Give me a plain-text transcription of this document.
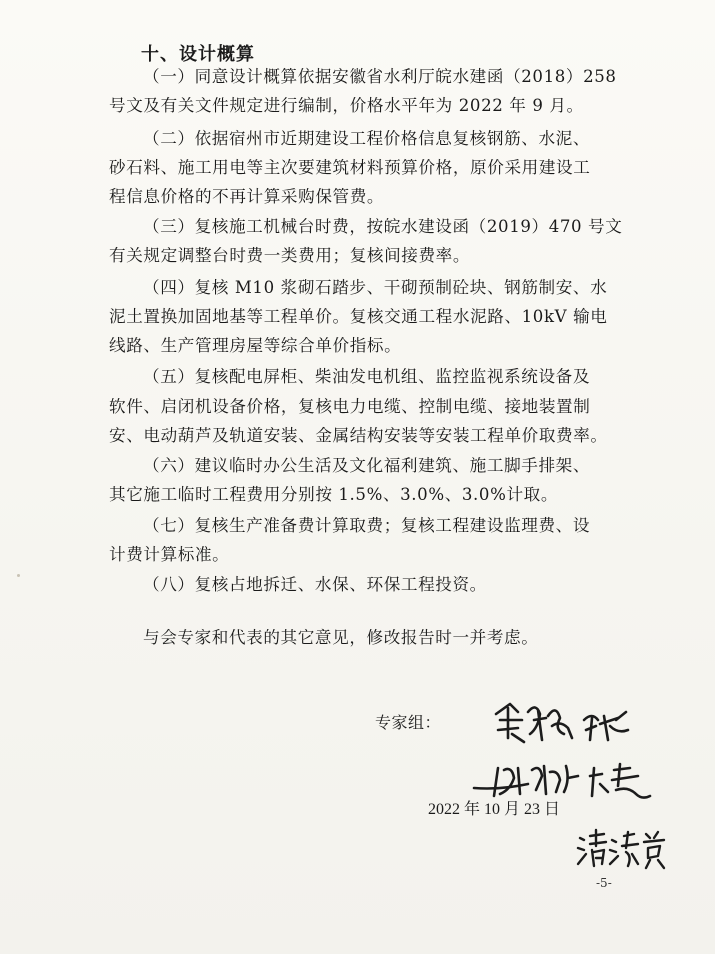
十、设计概算
（一）同意设计概算依据安徽省水利厅皖水建函（2018）258
号文及有关文件规定进行编制，价格水平年为 2022 年 9 月。
（二）依据宿州市近期建设工程价格信息复核钢筋、水泥、
砂石料、施工用电等主次要建筑材料预算价格，原价采用建设工
程信息价格的不再计算采购保管费。
（三）复核施工机械台时费，按皖水建设函（2019）470 号文
有关规定调整台时费一类费用；复核间接费率。
（四）复核 M10 浆砌石踏步、干砌预制砼块、钢筋制安、水
泥土置换加固地基等工程单价。复核交通工程水泥路、10kV 输电
线路、生产管理房屋等综合单价指标。
（五）复核配电屏柜、柴油发电机组、监控监视系统设备及
软件、启闭机设备价格，复核电力电缆、控制电缆、接地装置制
安、电动葫芦及轨道安装、金属结构安装等安装工程单价取费率。
（六）建议临时办公生活及文化福利建筑、施工脚手排架、
其它施工临时工程费用分别按 1.5%、3.0%、3.0%计取。
（七）复核生产准备费计算取费；复核工程建设监理费、设
计费计算标准。
（八）复核占地拆迁、水保、环保工程投资。
与会专家和代表的其它意见，修改报告时一并考虑。
专家组：
2022 年 10 月 23 日
-5-
